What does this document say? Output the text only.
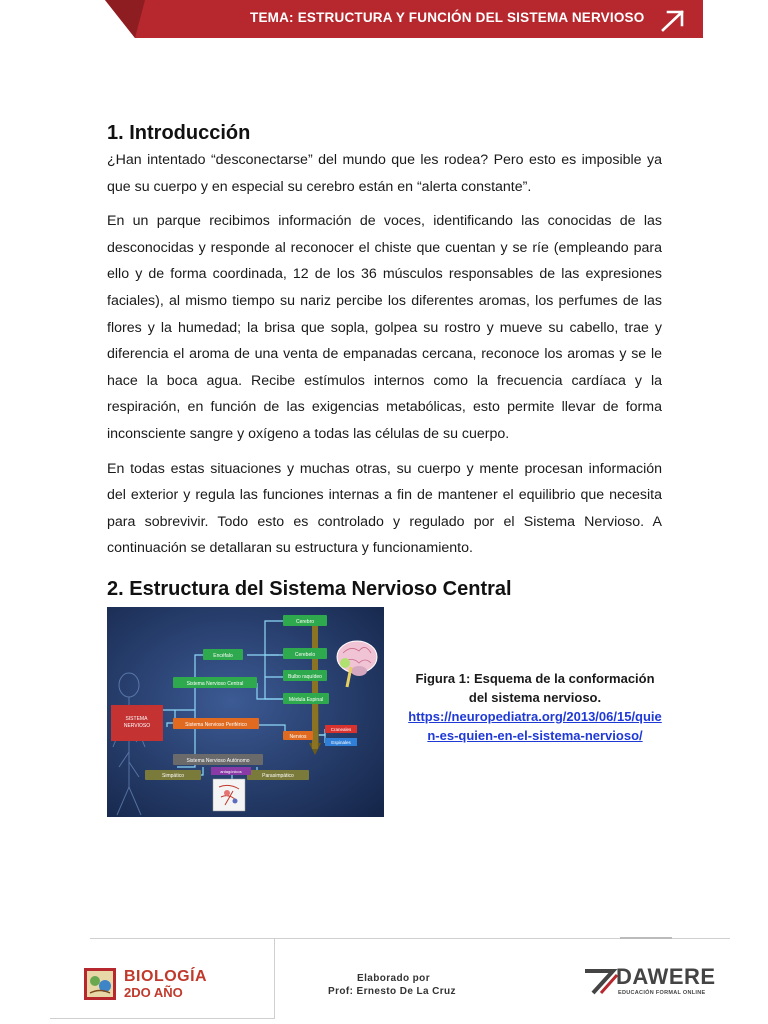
TEMA: ESTRUCTURA Y FUNCIÓN DEL SISTEMA NERVIOSO
1. Introducción

¿Han intentado “desconectarse” del mundo que les rodea? Pero esto es imposible ya que su cuerpo y en especial su cerebro están en “alerta constante”.

En un parque recibimos información de voces, identificando las conocidas de las desconocidas y responde al reconocer el chiste que cuentan y se ríe (empleando para ello y de forma coordinada, 12 de los 36 músculos responsables de las expresiones faciales), al mismo tiempo su nariz percibe los diferentes aromas, los perfumes de las flores y la humedad; la brisa que sopla, golpea su rostro y mueve su cabello, trae y diferencia el aroma de una venta de empanadas cercana, reconoce los aromas y se le hace la boca agua. Recibe estímulos internos como la frecuencia cardíaca y la respiración, en función de las exigencias metabólicas, esto permite llevar de forma inconsciente sangre y oxígeno a todas las células de su cuerpo.

En todas estas situaciones y muchas otras, su cuerpo y mente procesan información del exterior y regula las funciones internas a fin de mantener el equilibrio que necesita para sobrevivir. Todo esto es controlado y regulado por el Sistema Nervioso. A continuación se detallaran su estructura y funcionamiento.

2. Estructura del Sistema Nervioso Central
Cerebro
Encéfalo	Cerebelo
Bulbo raquídeo
Médula Espinal
Sistema Nervioso Central
SISTEMA NERVIOSO	Sistema Nervioso Periférico
Nervios
Craneales
Espinales
Sistema Nervioso Autónomo
Simpático	Parasimpático
antagónicos
Figura 1: Esquema de la conformación del sistema nervioso.
https://neuropediatra.org/2013/06/15/quien-es-quien-en-el-sistema-nervioso/
BIOLOGÍA
2DO AÑO
Elaborado por
Prof: Ernesto De La Cruz
DAWERE
EDUCACIÓN FORMAL ONLINE
